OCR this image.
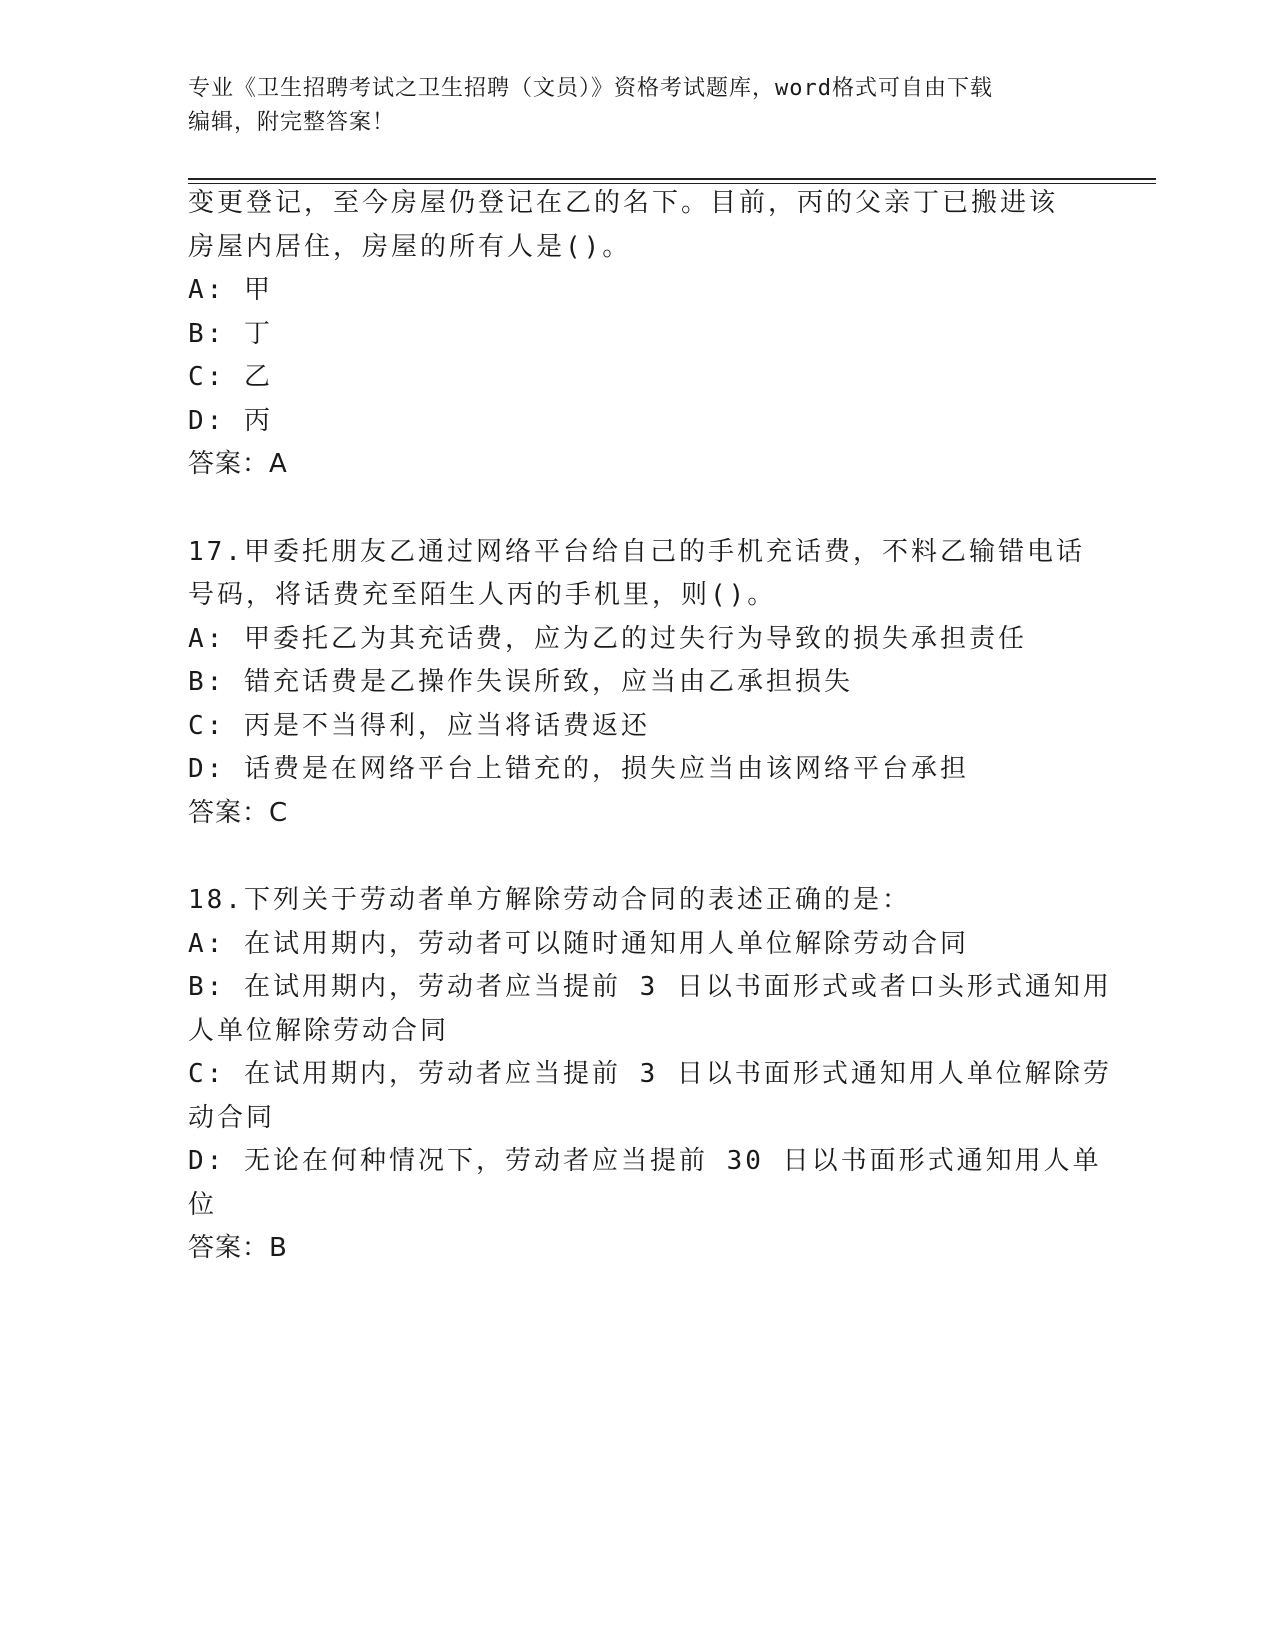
专业《卫生招聘考试之卫生招聘（文员）》资格考试题库，word格式可自由下载
编辑，附完整答案！
变更登记，至今房屋仍登记在乙的名下。目前，丙的父亲丁已搬进该
房屋内居住，房屋的所有人是()。
A: 甲
B: 丁
C: 乙
D: 丙
答案：A
17.甲委托朋友乙通过网络平台给自己的手机充话费，不料乙输错电话
号码，将话费充至陌生人丙的手机里，则()。
A: 甲委托乙为其充话费，应为乙的过失行为导致的损失承担责任
B: 错充话费是乙操作失误所致，应当由乙承担损失
C: 丙是不当得利，应当将话费返还
D: 话费是在网络平台上错充的，损失应当由该网络平台承担
答案：C
18.下列关于劳动者单方解除劳动合同的表述正确的是：
A: 在试用期内，劳动者可以随时通知用人单位解除劳动合同
B: 在试用期内，劳动者应当提前 3 日以书面形式或者口头形式通知用
人单位解除劳动合同
C: 在试用期内，劳动者应当提前 3 日以书面形式通知用人单位解除劳
动合同
D: 无论在何种情况下，劳动者应当提前 30 日以书面形式通知用人单
位
答案：B
